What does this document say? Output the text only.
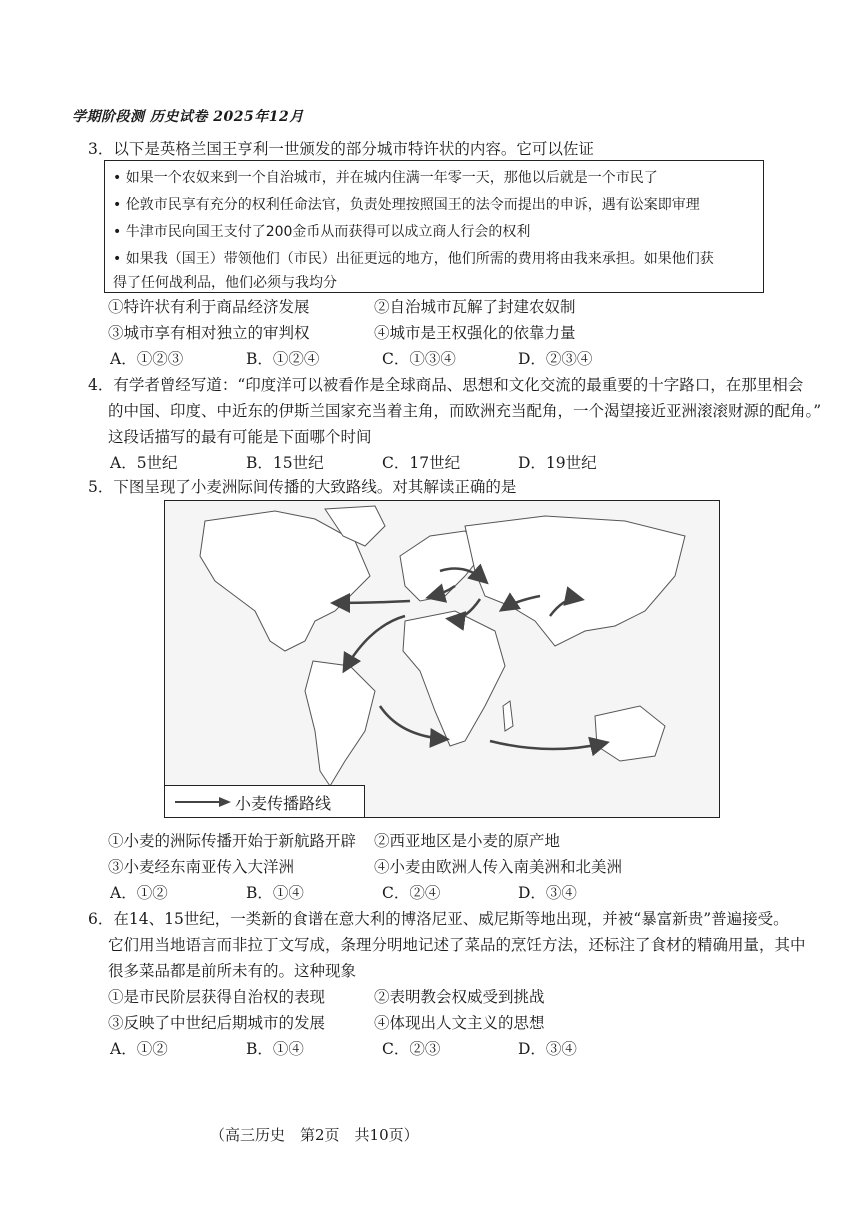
学期阶段测 历史试卷 2025年12月
3．以下是英格兰国王亨利一世颁发的部分城市特许状的内容。它可以佐证
• 如果一个农奴来到一个自治城市，并在城内住满一年零一天，那他以后就是一个市民了
• 伦敦市民享有充分的权利任命法官，负责处理按照国王的法令而提出的申诉，遇有讼案即审理
• 牛津市民向国王支付了200金币从而获得可以成立商人行会的权利
• 如果我（国王）带领他们（市民）出征更远的地方，他们所需的费用将由我来承担。如果他们获
得了任何战利品，他们必须与我均分
①特许状有利于商品经济发展	②自治城市瓦解了封建农奴制
③城市享有相对独立的审判权	④城市是王权强化的依靠力量
A．①②③	B．①②④	C．①③④	D．②③④
4．有学者曾经写道：“印度洋可以被看作是全球商品、思想和文化交流的最重要的十字路口，在那里相会
的中国、印度、中近东的伊斯兰国家充当着主角，而欧洲充当配角，一个渴望接近亚洲滚滚财源的配角。”
这段话描写的最有可能是下面哪个时间
A．5世纪	B．15世纪	C．17世纪	D．19世纪
5．下图呈现了小麦洲际间传播的大致路线。对其解读正确的是
小麦传播路线
①小麦的洲际传播开始于新航路开辟 ②西亚地区是小麦的原产地
③小麦经东南亚传入大洋洲	④小麦由欧洲人传入南美洲和北美洲
A．①②	B．①④	C．②④	D．③④
6．在14、15世纪，一类新的食谱在意大利的博洛尼亚、威尼斯等地出现，并被“暴富新贵”普遍接受。
它们用当地语言而非拉丁文写成，条理分明地记述了菜品的烹饪方法，还标注了食材的精确用量，其中
很多菜品都是前所未有的。这种现象
①是市民阶层获得自治权的表现	②表明教会权威受到挑战
③反映了中世纪后期城市的发展	④体现出人文主义的思想
A．①②	B．①④	C．②③	D．③④
（高三历史　第2页　共10页）
